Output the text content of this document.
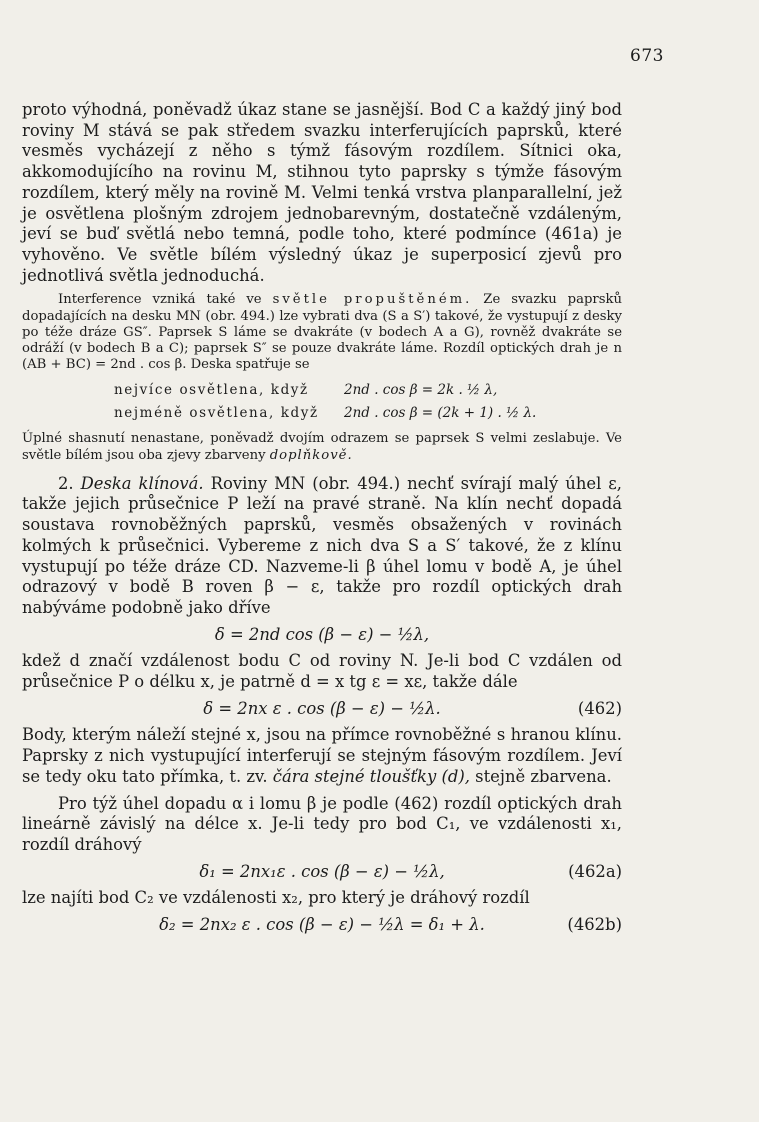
673

proto výhodná, poněvadž úkaz stane se jasnější. Bod C a každý jiný bod roviny M stává se pak středem svazku interferujících paprsků, které vesměs vycházejí z něho s týmž fásovým rozdílem. Sítnici oka, akkomodujícího na rovinu M, stihnou tyto paprsky s týmže fásovým rozdílem, který měly na rovině M. Velmi tenká vrstva planparallelní, jež je osvětlena plošným zdrojem jednobarevným, dostatečně vzdáleným, jeví se buď světlá nebo temná, podle toho, které podmínce (461a) je vyhověno. Ve světle bílém výsledný úkaz je superposicí zjevů pro jednotlivá světla jednoduchá.

Interference vzniká také ve světle propuštěném. Ze svazku paprsků dopadajících na desku MN (obr. 494.) lze vybrati dva (S a S′) takové, že vystupují z desky po téže dráze GS″. Paprsek S láme se dvakráte (v bodech A a G), rovněž dvakráte se odráží (v bodech B a C); paprsek S″ se pouze dvakráte láme. Rozdíl optických drah je n (AB + BC) = 2nd . cos β. Deska spatřuje se

nejvíce osvětlena, když	2nd . cos β = 2k . ½ λ,
nejméně osvětlena, když	2nd . cos β = (2k + 1) . ½ λ.

Úplné shasnutí nenastane, poněvadž dvojím odrazem se paprsek S velmi zeslabuje. Ve světle bílém jsou oba zjevy zbarveny doplňkově.

2. Deska klínová. Roviny MN (obr. 494.) nechť svírají malý úhel ε, takže jejich průsečnice P leží na pravé straně. Na klín nechť dopadá soustava rovnoběžných paprsků, vesměs obsažených v rovinách kolmých k průsečnici. Vybereme z nich dva S a S′ takové, že z klínu vystupují po téže dráze CD. Nazveme-li β úhel lomu v bodě A, je úhel odrazový v bodě B roven β − ε, takže pro rozdíl optických drah nabýváme podobně jako dříve

δ = 2nd cos (β − ε) − ½λ,

kdež d značí vzdálenost bodu C od roviny N. Je-li bod C vzdálen od průsečnice P o délku x, je patrně d = x tg ε = xε, takže dále

δ = 2nx ε . cos (β − ε) − ½λ.	(462)

Body, kterým náleží stejné x, jsou na přímce rovnoběžné s hranou klínu. Paprsky z nich vystupující interferují se stejným fásovým rozdílem. Jeví se tedy oku tato přímka, t. zv. čára stejné tloušťky (d), stejně zbarvena.

Pro týž úhel dopadu α i lomu β je podle (462) rozdíl optických drah lineárně závislý na délce x. Je-li tedy pro bod C₁, ve vzdálenosti x₁, rozdíl dráhový

δ₁ = 2nx₁ε . cos (β − ε) − ½λ,	(462a)

lze najíti bod C₂ ve vzdálenosti x₂, pro který je dráhový rozdíl

δ₂ = 2nx₂ ε . cos (β − ε) − ½λ = δ₁ + λ.	(462b)
